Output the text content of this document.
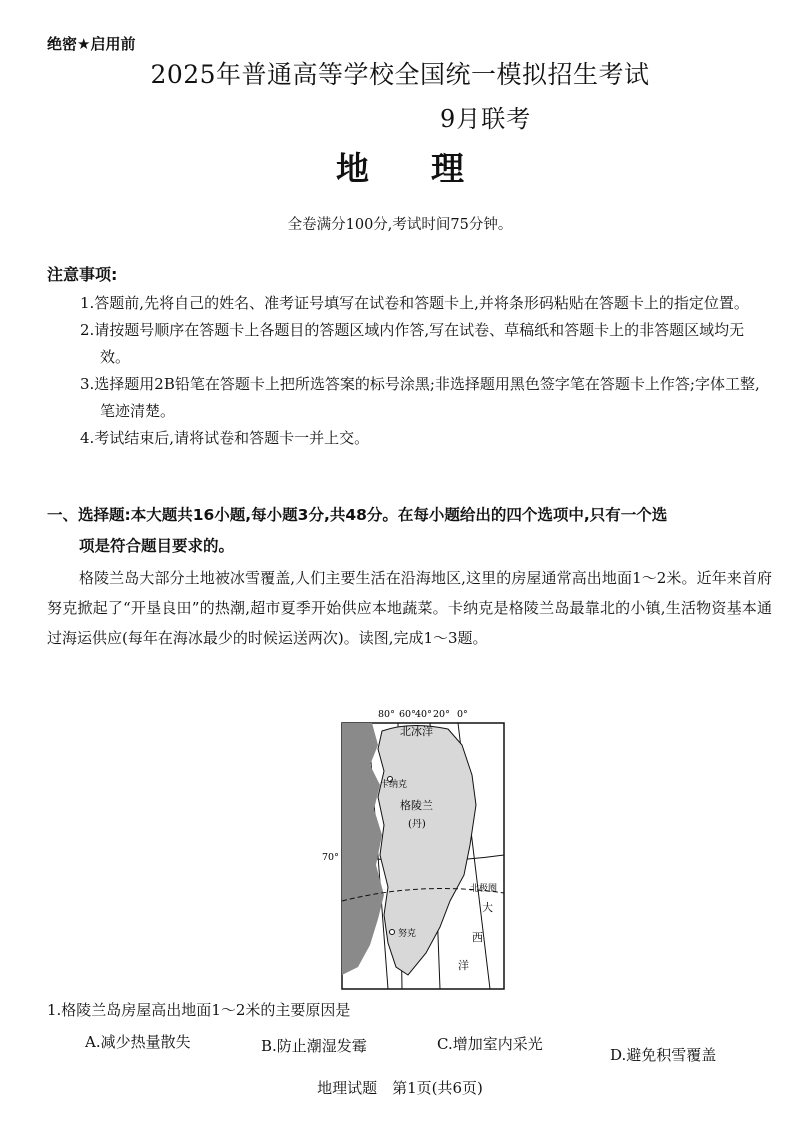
绝密★启用前
2025年普通高等学校全国统一模拟招生考试
9月联考
地理
全卷满分100分,考试时间75分钟。
注意事项:
1.答题前,先将自己的姓名、准考证号填写在试卷和答题卡上,并将条形码粘贴在答题卡上的指定位置。
2.请按题号顺序在答题卡上各题目的答题区域内作答,写在试卷、草稿纸和答题卡上的非答题区域均无效。
3.选择题用2B铅笔在答题卡上把所选答案的标号涂黑;非选择题用黑色签字笔在答题卡上作答;字体工整,笔迹清楚。
4.考试结束后,请将试卷和答题卡一并上交。
一、选择题:本大题共16小题,每小题3分,共48分。在每小题给出的四个选项中,只有一个选
项是符合题目要求的。
格陵兰岛大部分土地被冰雪覆盖,人们主要生活在沿海地区,这里的房屋通常高出地面1～2米。近年来首府努克掀起了“开垦良田”的热潮,超市夏季开始供应本地蔬菜。卡纳克是格陵兰岛最靠北的小镇,生活物资基本通过海运供应(每年在海冰最少的时候运送两次)。读图,完成1～3题。
80° 60° 40° 20° 0°
70°
北冰洋
卡纳克
格陵兰
(丹)
北极圈
大
西
洋
努克
1.格陵兰岛房屋高出地面1～2米的主要原因是
A.减少热量散失	B.防止潮湿发霉	C.增加室内采光
D.避免积雪覆盖
地理试题　第1页(共6页)
